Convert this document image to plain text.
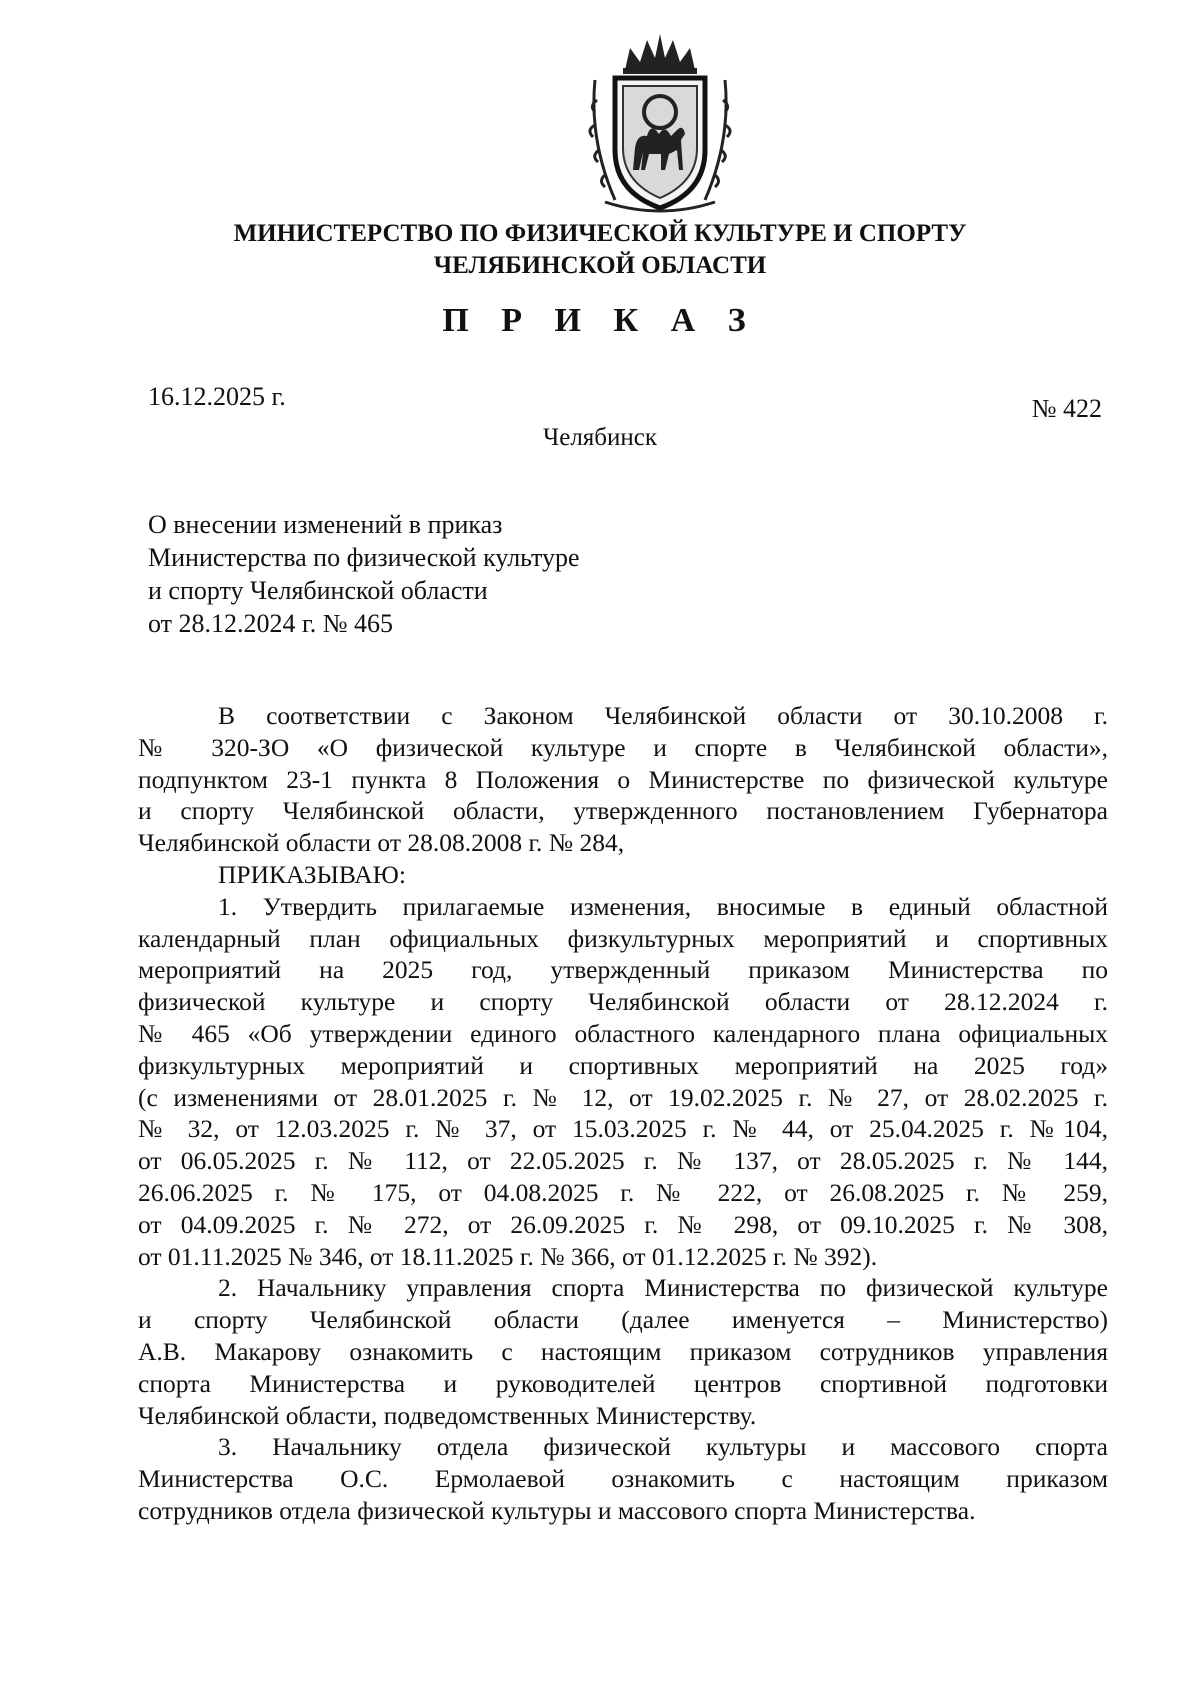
МИНИСТЕРСТВО ПО ФИЗИЧЕСКОЙ КУЛЬТУРЕ И СПОРТУ
ЧЕЛЯБИНСКОЙ ОБЛАСТИ
П Р И К А З
16.12.2025 г.	№ 422
Челябинск
О внесении изменений в приказ
Министерства по физической культуре
и спорту Челябинской области
от 28.12.2024 г. № 465
В соответствии с Законом Челябинской области от 30.10.2008 г.
№ 320-ЗО «О физической культуре и спорте в Челябинской области»,
подпунктом 23-1 пункта 8 Положения о Министерстве по физической культуре
и спорту Челябинской области, утвержденного постановлением Губернатора
Челябинской области от 28.08.2008 г. № 284,
ПРИКАЗЫВАЮ:
1. Утвердить прилагаемые изменения, вносимые в единый областной
календарный план официальных физкультурных мероприятий и спортивных
мероприятий на 2025 год, утвержденный приказом Министерства по
физической культуре и спорту Челябинской области от 28.12.2024 г.
№ 465 «Об утверждении единого областного календарного плана официальных
физкультурных мероприятий и спортивных мероприятий на 2025 год»
(с изменениями от 28.01.2025 г. № 12, от 19.02.2025 г. № 27, от 28.02.2025 г.
№ 32, от 12.03.2025 г. № 37, от 15.03.2025 г. № 44, от 25.04.2025 г. №104,
от 06.05.2025 г. № 112, от 22.05.2025 г. № 137, от 28.05.2025 г. № 144,
26.06.2025 г. № 175, от 04.08.2025 г. № 222, от 26.08.2025 г. № 259,
от 04.09.2025 г. № 272, от 26.09.2025 г. № 298, от 09.10.2025 г. № 308,
от 01.11.2025 № 346, от 18.11.2025 г. № 366, от 01.12.2025 г. № 392).
2. Начальнику управления спорта Министерства по физической культуре
и спорту Челябинской области (далее именуется – Министерство)
А.В. Макарову ознакомить с настоящим приказом сотрудников управления
спорта Министерства и руководителей центров спортивной подготовки
Челябинской области, подведомственных Министерству.
3. Начальнику отдела физической культуры и массового спорта
Министерства О.С. Ермолаевой ознакомить с настоящим приказом
сотрудников отдела физической культуры и массового спорта Министерства.
